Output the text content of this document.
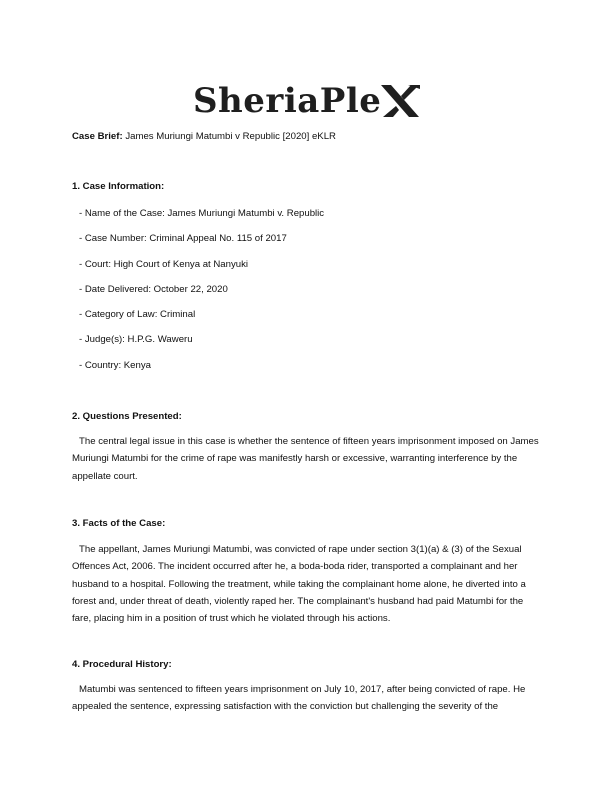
SheriaPle
Case Brief: James Muriungi Matumbi v Republic [2020] eKLR
1. Case Information:
- Name of the Case: James Muriungi Matumbi v. Republic
- Case Number: Criminal Appeal No. 115 of 2017
- Court: High Court of Kenya at Nanyuki
- Date Delivered: October 22, 2020
- Category of Law: Criminal
- Judge(s): H.P.G. Waweru
- Country: Kenya
2. Questions Presented:
The central legal issue in this case is whether the sentence of fifteen years imprisonment imposed on James Muriungi Matumbi for the crime of rape was manifestly harsh or excessive, warranting interference by the appellate court.
3. Facts of the Case:
The appellant, James Muriungi Matumbi, was convicted of rape under section 3(1)(a) & (3) of the Sexual Offences Act, 2006. The incident occurred after he, a boda-boda rider, transported a complainant and her husband to a hospital. Following the treatment, while taking the complainant home alone, he diverted into a forest and, under threat of death, violently raped her. The complainant's husband had paid Matumbi for the fare, placing him in a position of trust which he violated through his actions.
4. Procedural History:
Matumbi was sentenced to fifteen years imprisonment on July 10, 2017, after being convicted of rape. He appealed the sentence, expressing satisfaction with the conviction but challenging the severity of the
